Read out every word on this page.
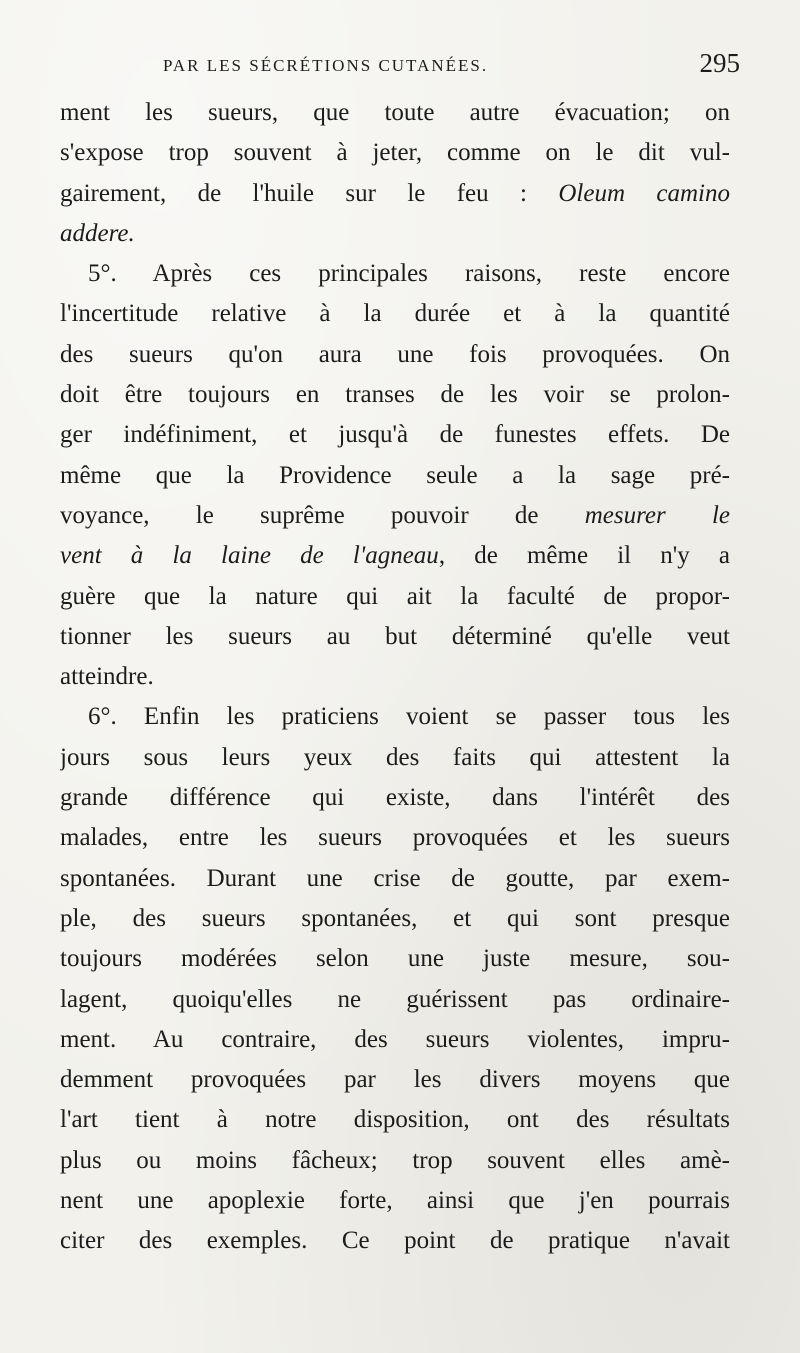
PAR LES SÉCRÉTIONS CUTANÉES.	295
ment les sueurs, que toute autre évacuation; on
s'expose trop souvent à jeter, comme on le dit vul-
gairement, de l'huile sur le feu : Oleum camino
addere.
5°. Après ces principales raisons, reste encore
l'incertitude relative à la durée et à la quantité
des sueurs qu'on aura une fois provoquées. On
doit être toujours en transes de les voir se prolon-
ger indéfiniment, et jusqu'à de funestes effets. De
même que la Providence seule a la sage pré-
voyance, le suprême pouvoir de mesurer le
vent à la laine de l'agneau, de même il n'y a
guère que la nature qui ait la faculté de propor-
tionner les sueurs au but déterminé qu'elle veut
atteindre.
6°. Enfin les praticiens voient se passer tous les
jours sous leurs yeux des faits qui attestent la
grande différence qui existe, dans l'intérêt des
malades, entre les sueurs provoquées et les sueurs
spontanées. Durant une crise de goutte, par exem-
ple, des sueurs spontanées, et qui sont presque
toujours modérées selon une juste mesure, sou-
lagent, quoiqu'elles ne guérissent pas ordinaire-
ment. Au contraire, des sueurs violentes, impru-
demment provoquées par les divers moyens que
l'art tient à notre disposition, ont des résultats
plus ou moins fâcheux; trop souvent elles amè-
nent une apoplexie forte, ainsi que j'en pourrais
citer des exemples. Ce point de pratique n'avait
